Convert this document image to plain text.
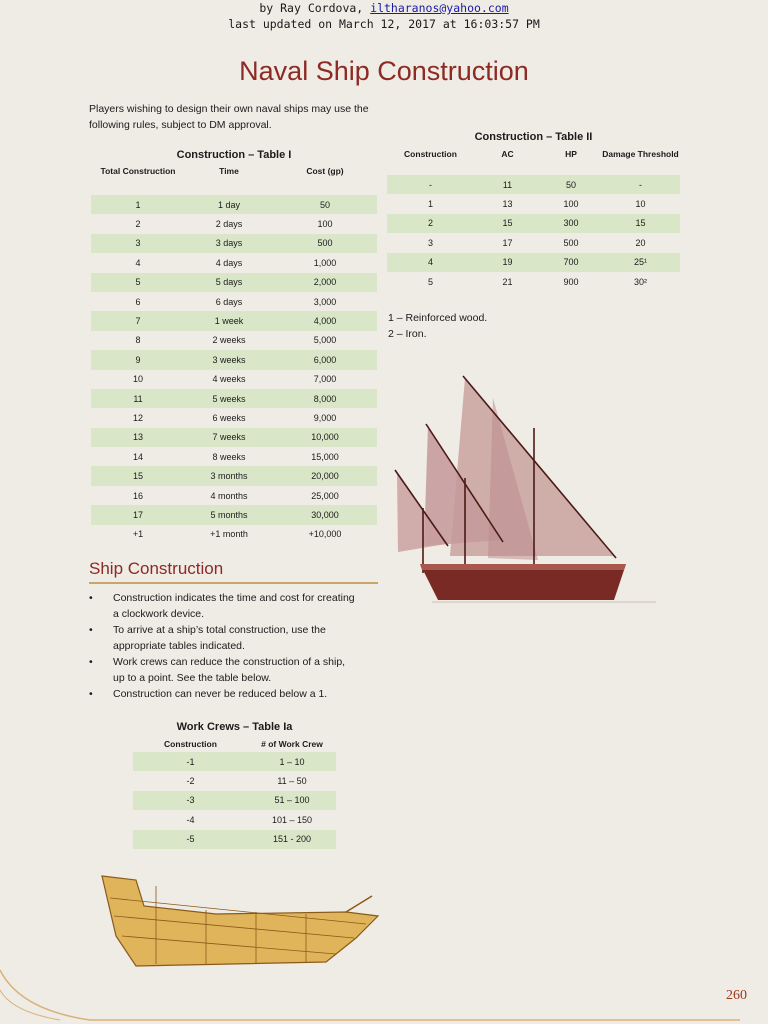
by Ray Cordova, iltharanos@yahoo.com
last updated on March 12, 2017 at 16:03:57 PM
Naval Ship Construction
Players wishing to design their own naval ships may use the following rules, subject to DM approval.
Construction – Table I
Total Construction	Time	Cost (gp)
1	1 day	50
2	2 days	100
3	3 days	500
4	4 days	1,000
5	5 days	2,000
6	6 days	3,000
7	1 week	4,000
8	2 weeks	5,000
9	3 weeks	6,000
10	4 weeks	7,000
11	5 weeks	8,000
12	6 weeks	9,000
13	7 weeks	10,000
14	8 weeks	15,000
15	3 months	20,000
16	4 months	25,000
17	5 months	30,000
+1	+1 month	+10,000
Construction – Table II
Construction	AC	HP	Damage Threshold
-	11	50	-
1	13	100	10
2	15	300	15
3	17	500	20
4	19	700	25¹
5	21	900	30²
1 – Reinforced wood.
2 – Iron.
Ship Construction
• Construction indicates the time and cost for creating a clockwork device.
• To arrive at a ship’s total construction, use the appropriate tables indicated.
• Work crews can reduce the construction of a ship, up to a point. See the table below.
• Construction can never be reduced below a 1.
Work Crews – Table Ia
Construction	# of Work Crew
-1	1 – 10
-2	11 – 50
-3	51 – 100
-4	101 – 150
-5	151 - 200
260
